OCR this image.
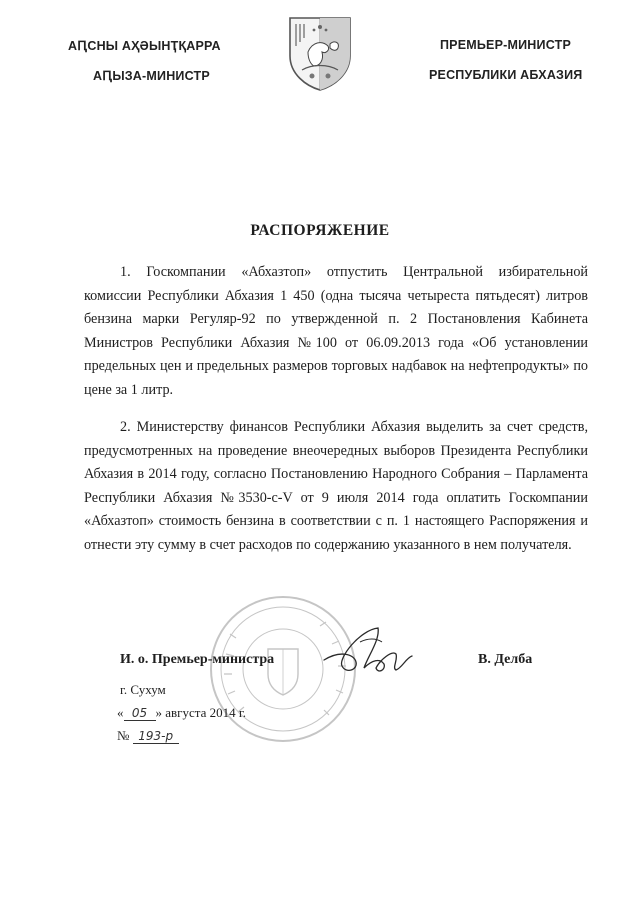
АԤСНЫ АҲӘЫНҬҚАРРА
АԤЫЗА-МИНИСТР
ПРЕМЬЕР-МИНИСТР
РЕСПУБЛИКИ АБХАЗИЯ
РАСПОРЯЖЕНИЕ

1. Госкомпании «Абхазтоп» отпустить Центральной избирательной комиссии Республики Абхазия 1 450 (одна тысяча четыреста пятьдесят) литров бензина марки Регуляр-92 по утвержденной п. 2 Постановления Кабинета Министров Республики Абхазия №100 от 06.09.2013 года «Об установлении предельных цен и предельных размеров торговых надбавок на нефтепродукты» по цене за 1 литр.

2. Министерству финансов Республики Абхазия выделить за счет средств, предусмотренных на проведение внеочередных выборов Президента Республики Абхазия в 2014 году, согласно Постановлению Народного Собрания – Парламента Республики Абхазия №3530-с-V от 9 июля 2014 года оплатить Госкомпании «Абхазтоп» стоимость бензина в соответствии с п. 1 настоящего Распоряжения и отнести эту сумму в счет расходов по содержанию указанного в нем получателя.

И. о. Премьер-министра	В. Делба
г. Сухум
« 05 » августа 2014 г.
№ 193-р
